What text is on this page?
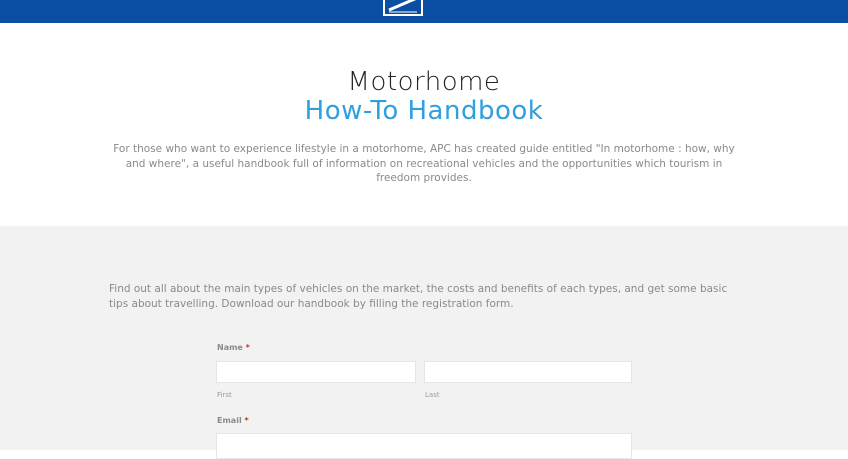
Motorhome
How-To Handbook
For those who want to experience lifestyle in a motorhome, APC has created guide entitled "In motorhome : how, why and where", a useful handbook full of information on recreational vehicles and the opportunities which tourism in freedom provides.
Find out all about the main types of vehicles on the market, the costs and benefits of each types, and get some basic tips about travelling. Download our handbook by filling the registration form.
Name *
First	Last
Email *
